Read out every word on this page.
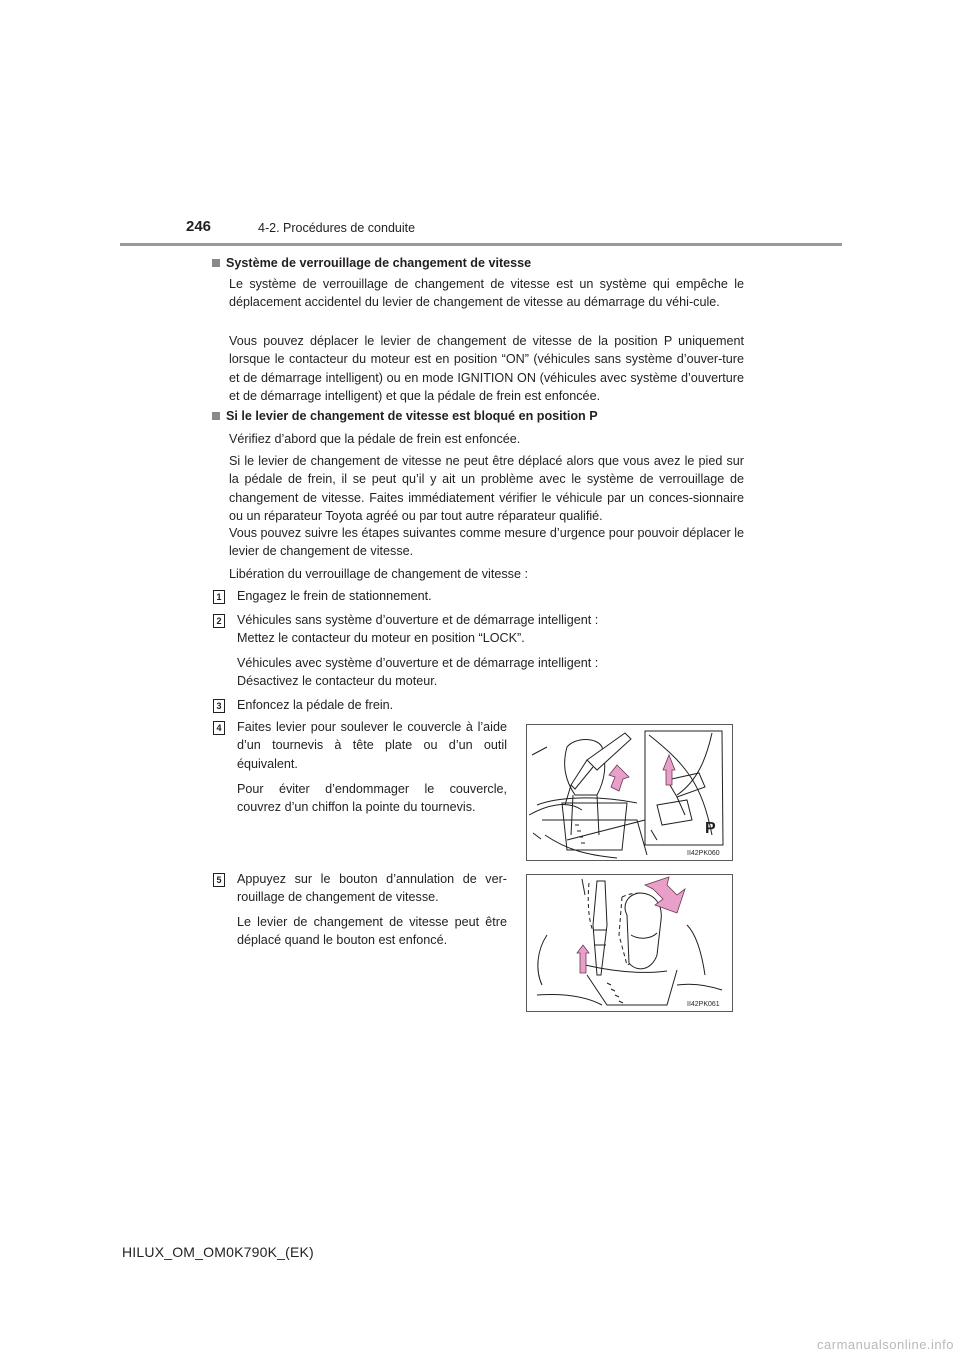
246	4-2. Procédures de conduite
Système de verrouillage de changement de vitesse
Le système de verrouillage de changement de vitesse est un système qui empêche le déplacement accidentel du levier de changement de vitesse au démarrage du véhi-cule.
Vous pouvez déplacer le levier de changement de vitesse de la position P uniquement lorsque le contacteur du moteur est en position “ON” (véhicules sans système d’ouver-ture et de démarrage intelligent) ou en mode IGNITION ON (véhicules avec système d’ouverture et de démarrage intelligent) et que la pédale de frein est enfoncée.
Si le levier de changement de vitesse est bloqué en position P
Vérifiez d’abord que la pédale de frein est enfoncée.
Si le levier de changement de vitesse ne peut être déplacé alors que vous avez le pied sur la pédale de frein, il se peut qu’il y ait un problème avec le système de verrouillage de changement de vitesse. Faites immédiatement vérifier le véhicule par un conces-sionnaire ou un réparateur Toyota agréé ou par tout autre réparateur qualifié.
Vous pouvez suivre les étapes suivantes comme mesure d’urgence pour pouvoir déplacer le levier de changement de vitesse.
Libération du verrouillage de changement de vitesse :
1 Engagez le frein de stationnement.
2 Véhicules sans système d’ouverture et de démarrage intelligent :
Mettez le contacteur du moteur en position “LOCK”.
Véhicules avec système d’ouverture et de démarrage intelligent :
Désactivez le contacteur du moteur.
3 Enfoncez la pédale de frein.
4 Faites levier pour soulever le couvercle à l’aide d’un tournevis à tête plate ou d’un outil équivalent.
Pour éviter d’endommager le couvercle, couvrez d’un chiffon la pointe du tournevis.
P
II42PK060
5 Appuyez sur le bouton d’annulation de ver-rouillage de changement de vitesse.
Le levier de changement de vitesse peut être déplacé quand le bouton est enfoncé.
II42PK061
HILUX_OM_OM0K790K_(EK)
carmanualsonline.info
